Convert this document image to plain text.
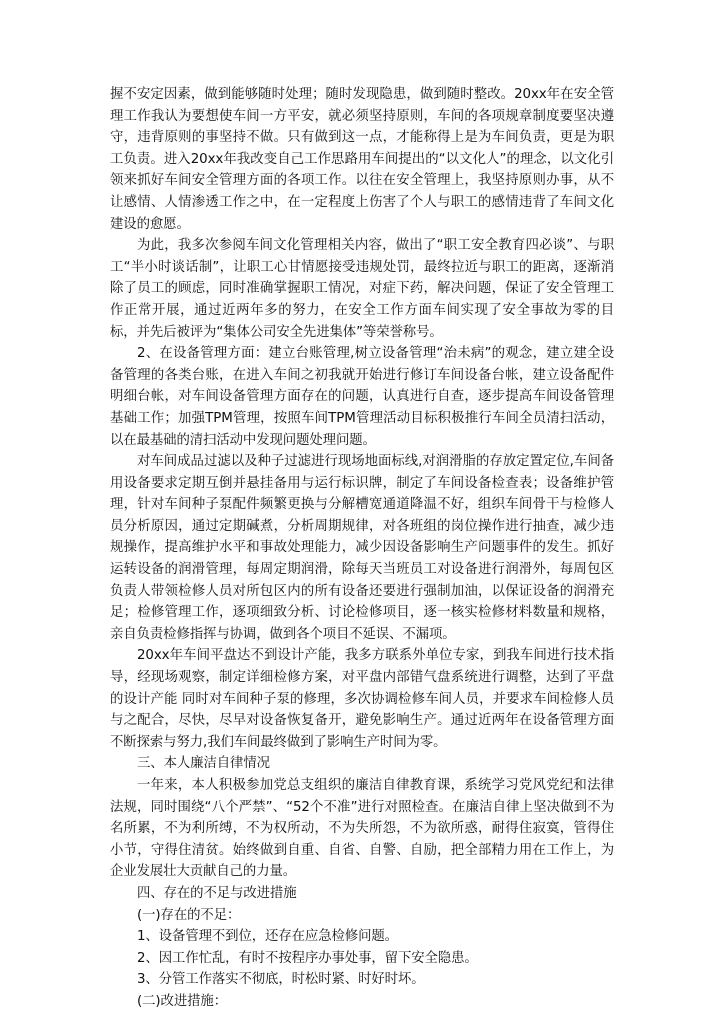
握不安定因素，做到能够随时处理；随时发现隐患，做到随时整改。20xx年在安全管理工作我认为要想使车间一方平安，就必须坚持原则，车间的各项规章制度要坚决遵守，违背原则的事坚持不做。只有做到这一点，才能称得上是为车间负责，更是为职工负责。进入20xx年我改变自己工作思路用车间提出的“以文化人”的理念，以文化引领来抓好车间安全管理方面的各项工作。以往在安全管理上，我坚持原则办事，从不让感情、人情渗透工作之中，在一定程度上伤害了个人与职工的感情违背了车间文化建设的愈愿。

为此，我多次参阅车间文化管理相关内容，做出了“职工安全教育四必谈”、与职工“半小时谈话制”，让职工心甘情愿接受违规处罚，最终拉近与职工的距离，逐渐消除了员工的顾虑，同时准确掌握职工情况，对症下药，解决问题，保证了安全管理工作正常开展，通过近两年多的努力，在安全工作方面车间实现了安全事故为零的目标，并先后被评为“集体公司安全先进集体”等荣誉称号。

2、在设备管理方面：建立台账管理,树立设备管理“治未病”的观念，建立建全设备管理的各类台账，在进入车间之初我就开始进行修订车间设备台帐，建立设备配件明细台帐，对车间设备管理方面存在的问题，认真进行自查，逐步提高车间设备管理基础工作；加强TPM管理，按照车间TPM管理活动目标积极推行车间全员清扫活动，以在最基础的清扫活动中发现问题处理问题。

对车间成品过滤以及种子过滤进行现场地面标线,对润滑脂的存放定置定位,车间备用设备要求定期互倒并悬挂备用与运行标识牌，制定了车间设备检查表；设备维护管理，针对车间种子泵配件频繁更换与分解槽宽通道降温不好，组织车间骨干与检修人员分析原因，通过定期碱煮，分析周期规律，对各班组的岗位操作进行抽查，减少违规操作，提高维护水平和事故处理能力，减少因设备影响生产问题事件的发生。抓好运转设备的润滑管理，每周定期润滑，除每天当班员工对设备进行润滑外，每周包区负责人带领检修人员对所包区内的所有设备还要进行强制加油，以保证设备的润滑充足；检修管理工作，逐项细致分析、讨论检修项目，逐一核实检修材料数量和规格，亲自负责检修指挥与协调，做到各个项目不延误、不漏项。

20xx年车间平盘达不到设计产能，我多方联系外单位专家，到我车间进行技术指导，经现场观察，制定详细检修方案，对平盘内部错气盘系统进行调整，达到了平盘的设计产能 同时对车间种子泵的修理，多次协调检修车间人员，并要求车间检修人员与之配合，尽快，尽早对设备恢复备开，避免影响生产。通过近两年在设备管理方面不断探索与努力,我们车间最终做到了影响生产时间为零。

三、本人廉洁自律情况

一年来，本人积极参加党总支组织的廉洁自律教育课，系统学习党风党纪和法律法规，同时围绕“八个严禁”、“52个不准”进行对照检查。在廉洁自律上坚决做到不为名所累，不为利所缚，不为权所动，不为失所怨，不为欲所惑，耐得住寂寞，管得住小节，守得住清贫。始终做到自重、自省、自警、自励，把全部精力用在工作上，为企业发展壮大贡献自己的力量。

四、存在的不足与改进措施

(一)存在的不足：

1、设备管理不到位，还存在应急检修问题。

2、因工作忙乱，有时不按程序办事处事，留下安全隐患。

3、分管工作落实不彻底，时松时紧、时好时坏。

(二)改进措施：
